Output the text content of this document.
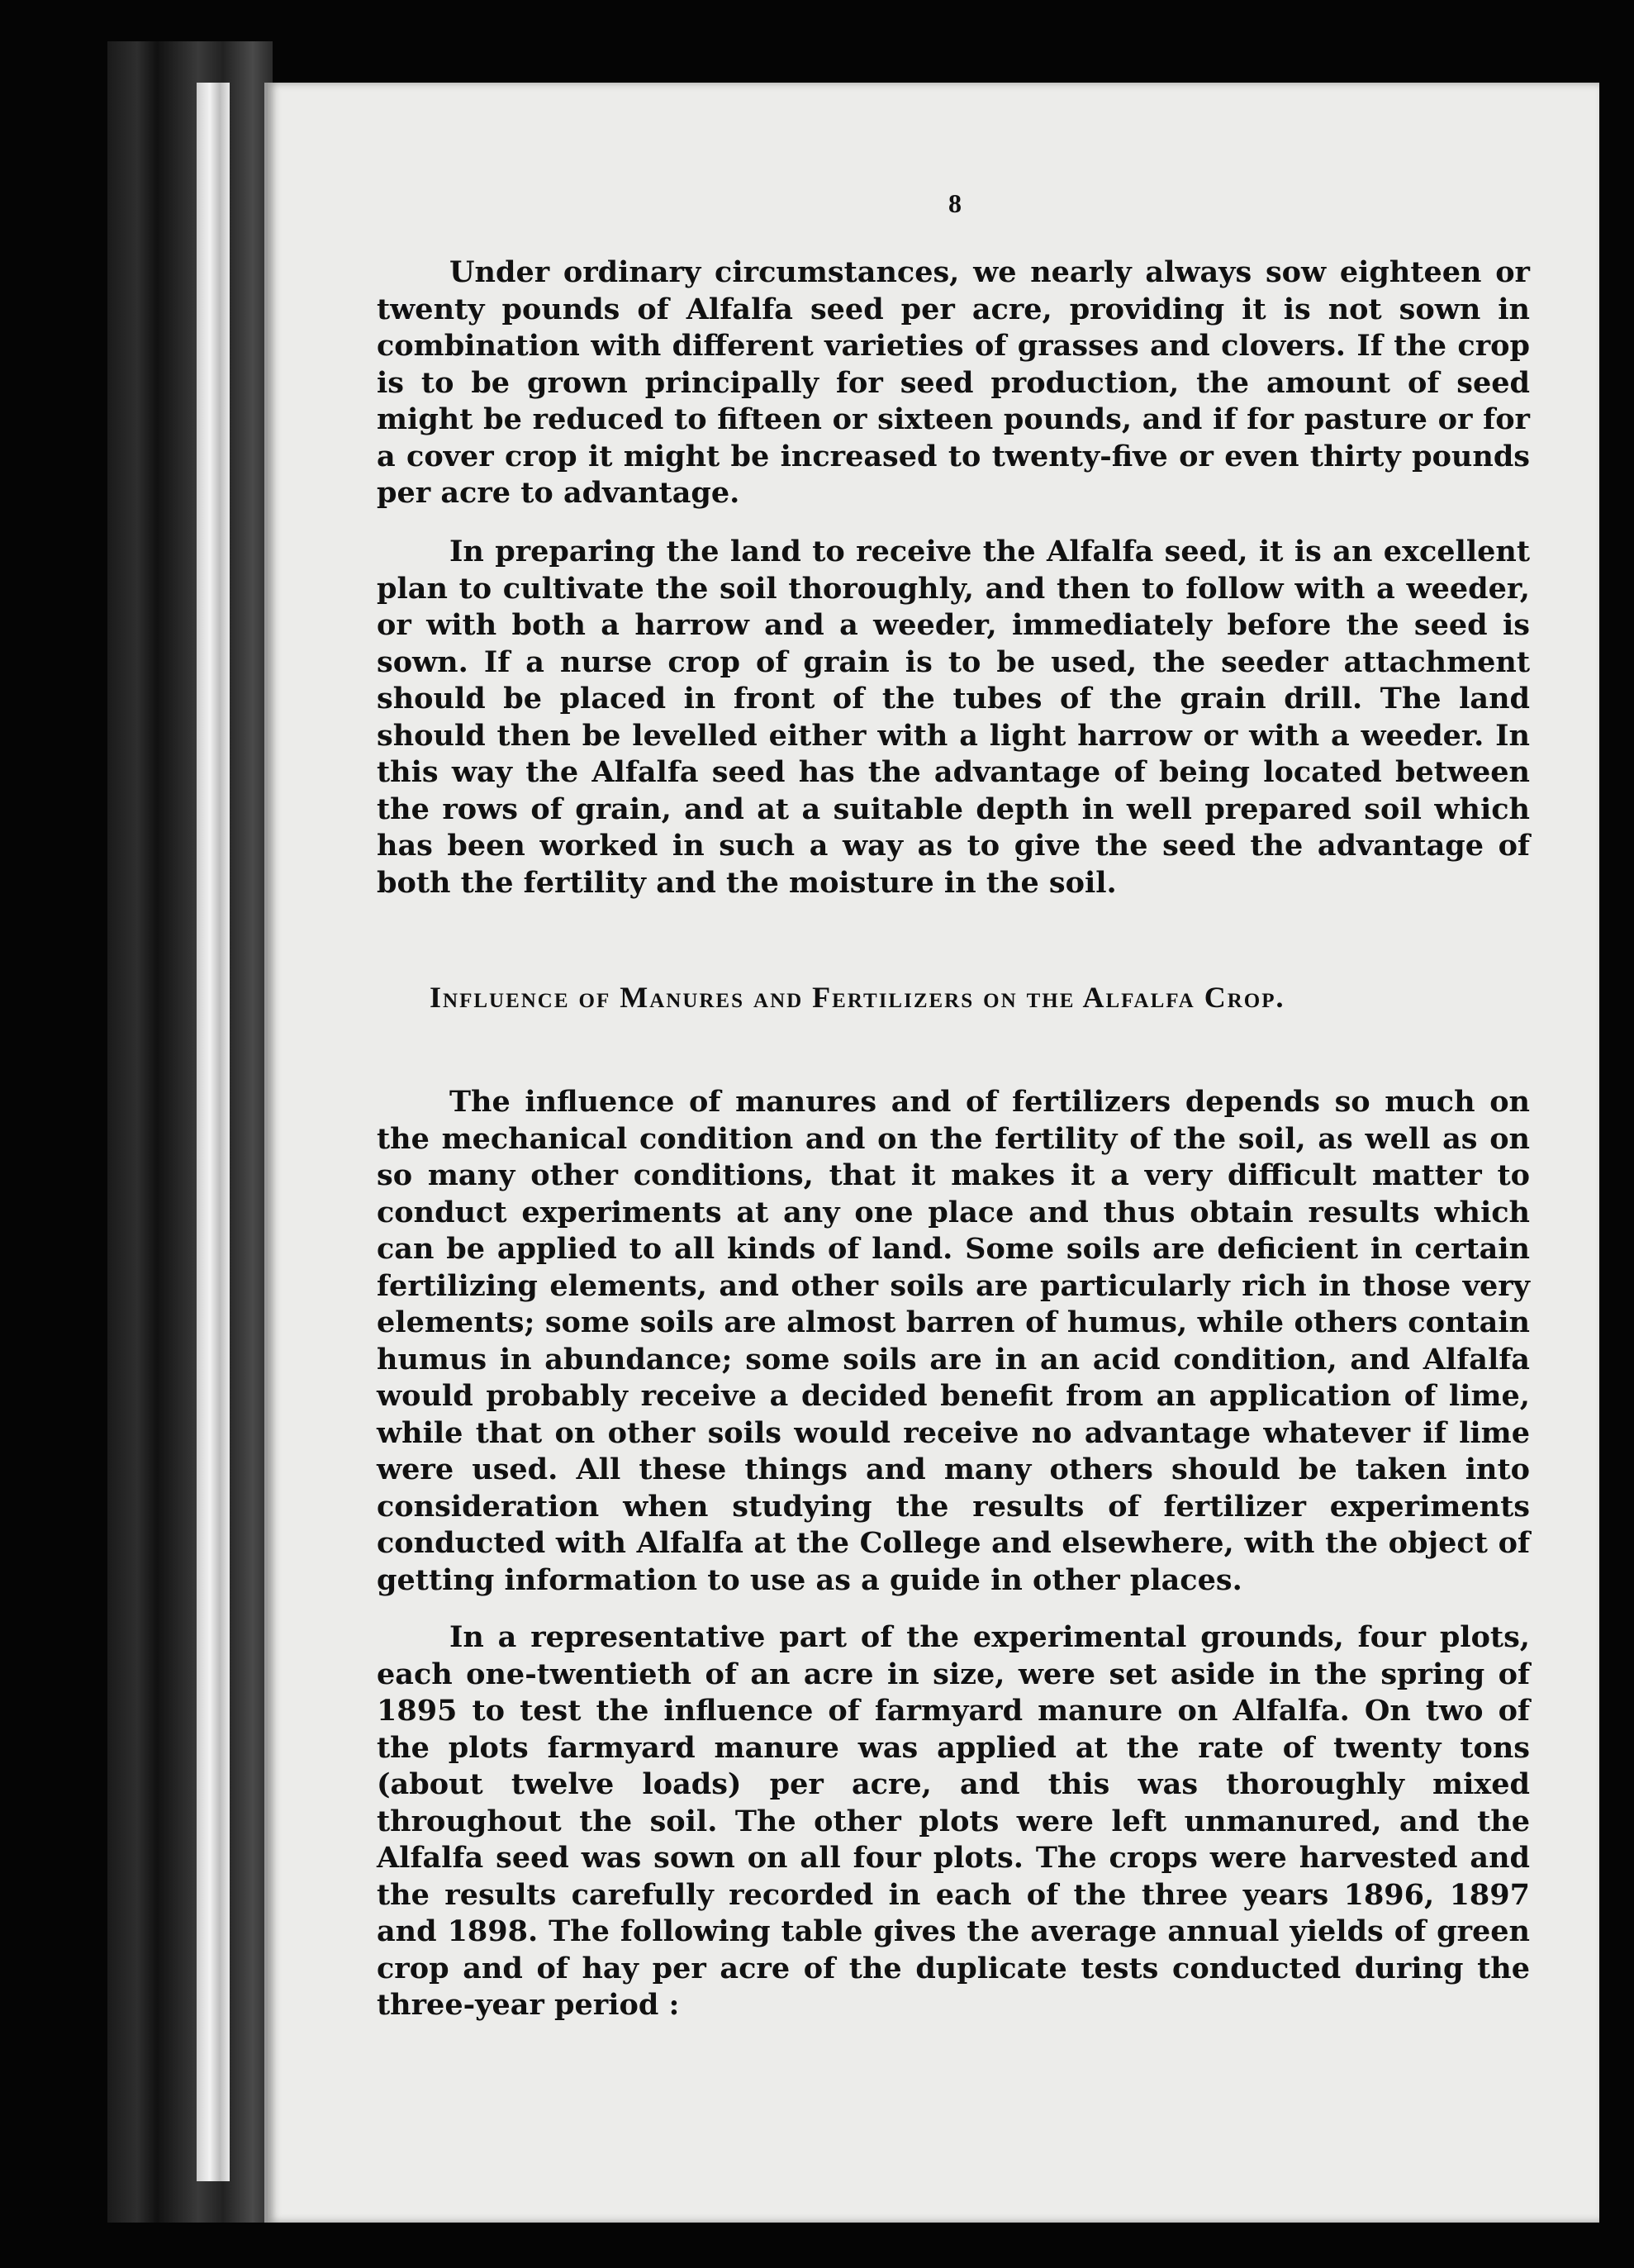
8

Under ordinary circumstances, we nearly always sow eighteen or twenty pounds of Alfalfa seed per acre, providing it is not sown in combination with different varieties of grasses and clovers. If the crop is to be grown principally for seed production, the amount of seed might be reduced to fifteen or sixteen pounds, and if for pasture or for a cover crop it might be increased to twenty-five or even thirty pounds per acre to advantage.

In preparing the land to receive the Alfalfa seed, it is an excellent plan to cultivate the soil thoroughly, and then to follow with a weeder, or with both a harrow and a weeder, immediately before the seed is sown. If a nurse crop of grain is to be used, the seeder attachment should be placed in front of the tubes of the grain drill. The land should then be levelled either with a light harrow or with a weeder. In this way the Alfalfa seed has the advantage of being located between the rows of grain, and at a suitable depth in well prepared soil which has been worked in such a way as to give the seed the advantage of both the fertility and the moisture in the soil.

Influence of Manures and Fertilizers on the Alfalfa Crop.

The influence of manures and of fertilizers depends so much on the mechanical condition and on the fertility of the soil, as well as on so many other conditions, that it makes it a very difficult matter to conduct experiments at any one place and thus obtain results which can be applied to all kinds of land. Some soils are deficient in certain fertilizing elements, and other soils are particularly rich in those very elements; some soils are almost barren of humus, while others contain humus in abundance; some soils are in an acid condition, and Alfalfa would probably receive a decided benefit from an application of lime, while that on other soils would receive no advantage whatever if lime were used. All these things and many others should be taken into consideration when studying the results of fertilizer experiments conducted with Alfalfa at the College and elsewhere, with the object of getting information to use as a guide in other places.

In a representative part of the experimental grounds, four plots, each one-twentieth of an acre in size, were set aside in the spring of 1895 to test the influence of farmyard manure on Alfalfa. On two of the plots farmyard manure was applied at the rate of twenty tons (about twelve loads) per acre, and this was thoroughly mixed throughout the soil. The other plots were left unmanured, and the Alfalfa seed was sown on all four plots. The crops were harvested and the results carefully recorded in each of the three years 1896, 1897 and 1898. The following table gives the average annual yields of green crop and of hay per acre of the duplicate tests conducted during the three-year period :
